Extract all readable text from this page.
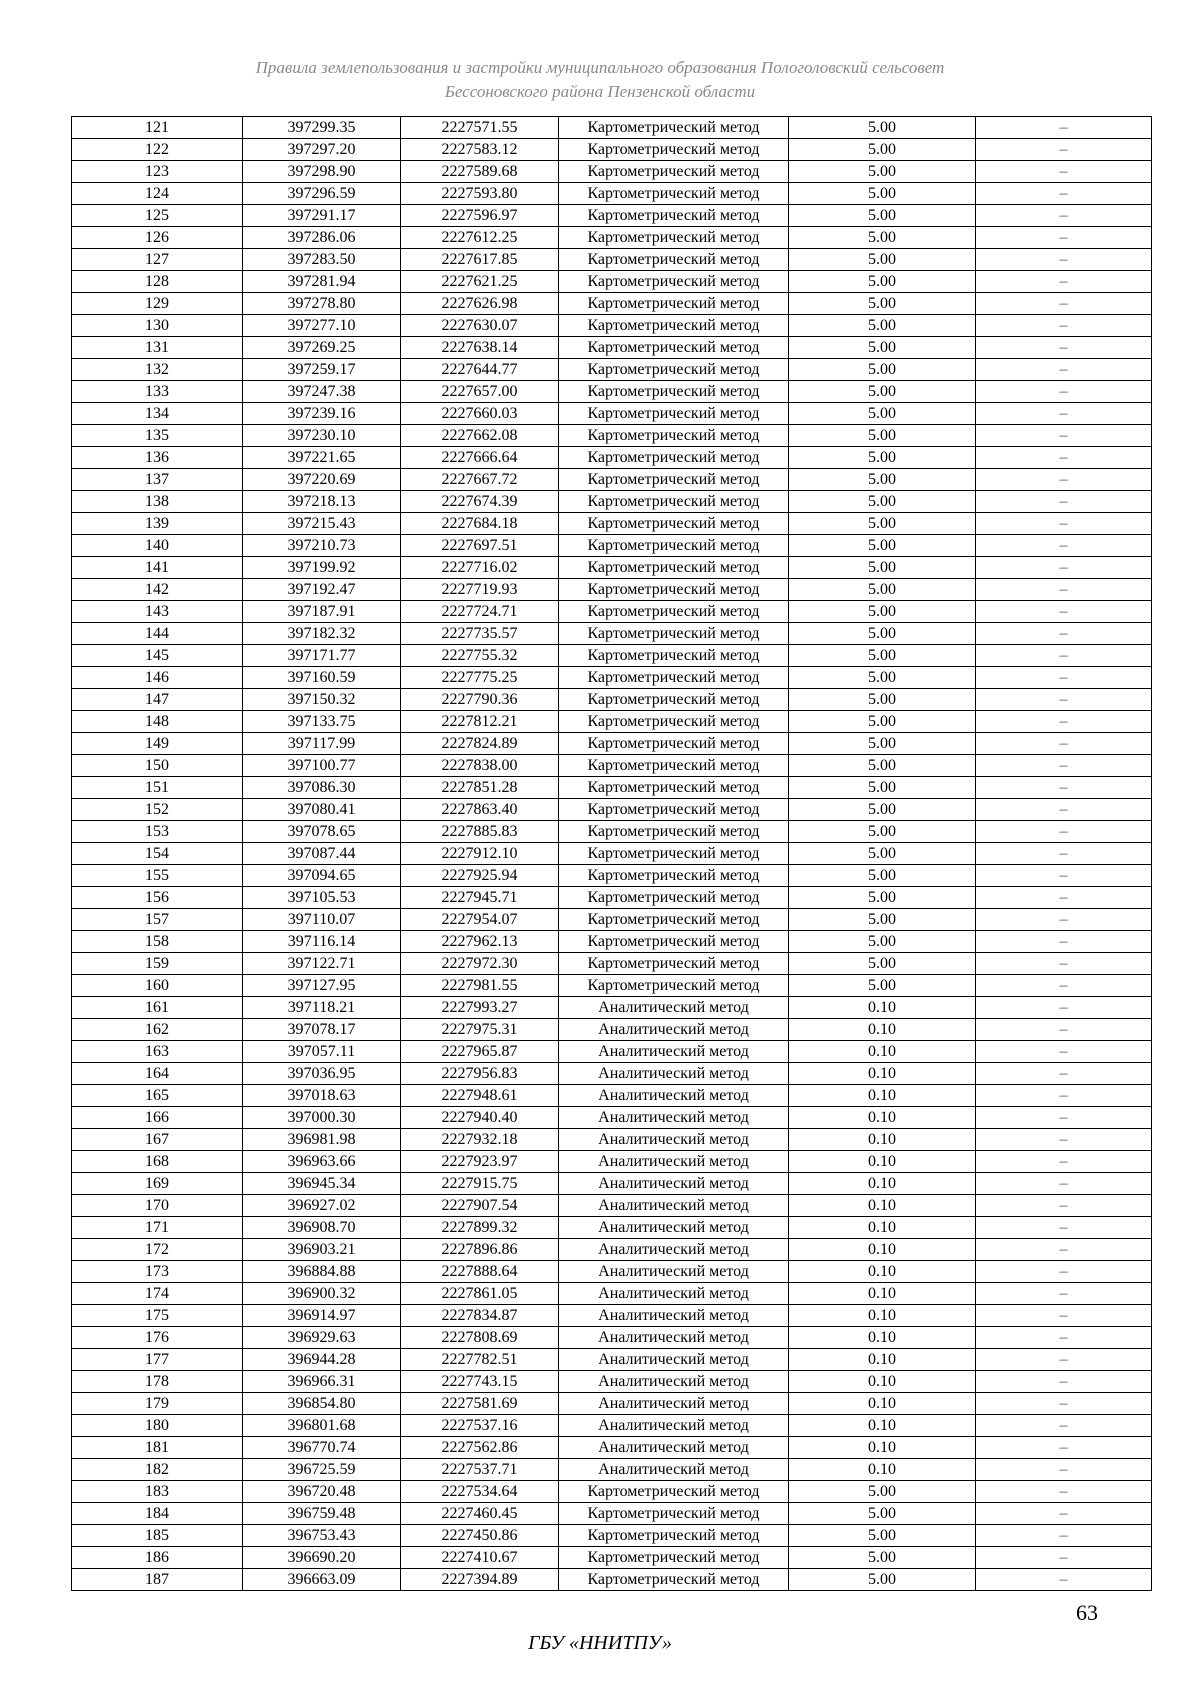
Правила землепользования и застройки муниципального образования Пологоловский сельсовет
Бессоновского района Пензенской области
121	397299.35	2227571.55	Картометрический метод	5.00	–
122	397297.20	2227583.12	Картометрический метод	5.00	–
123	397298.90	2227589.68	Картометрический метод	5.00	–
124	397296.59	2227593.80	Картометрический метод	5.00	–
125	397291.17	2227596.97	Картометрический метод	5.00	–
126	397286.06	2227612.25	Картометрический метод	5.00	–
127	397283.50	2227617.85	Картометрический метод	5.00	–
128	397281.94	2227621.25	Картометрический метод	5.00	–
129	397278.80	2227626.98	Картометрический метод	5.00	–
130	397277.10	2227630.07	Картометрический метод	5.00	–
131	397269.25	2227638.14	Картометрический метод	5.00	–
132	397259.17	2227644.77	Картометрический метод	5.00	–
133	397247.38	2227657.00	Картометрический метод	5.00	–
134	397239.16	2227660.03	Картометрический метод	5.00	–
135	397230.10	2227662.08	Картометрический метод	5.00	–
136	397221.65	2227666.64	Картометрический метод	5.00	–
137	397220.69	2227667.72	Картометрический метод	5.00	–
138	397218.13	2227674.39	Картометрический метод	5.00	–
139	397215.43	2227684.18	Картометрический метод	5.00	–
140	397210.73	2227697.51	Картометрический метод	5.00	–
141	397199.92	2227716.02	Картометрический метод	5.00	–
142	397192.47	2227719.93	Картометрический метод	5.00	–
143	397187.91	2227724.71	Картометрический метод	5.00	–
144	397182.32	2227735.57	Картометрический метод	5.00	–
145	397171.77	2227755.32	Картометрический метод	5.00	–
146	397160.59	2227775.25	Картометрический метод	5.00	–
147	397150.32	2227790.36	Картометрический метод	5.00	–
148	397133.75	2227812.21	Картометрический метод	5.00	–
149	397117.99	2227824.89	Картометрический метод	5.00	–
150	397100.77	2227838.00	Картометрический метод	5.00	–
151	397086.30	2227851.28	Картометрический метод	5.00	–
152	397080.41	2227863.40	Картометрический метод	5.00	–
153	397078.65	2227885.83	Картометрический метод	5.00	–
154	397087.44	2227912.10	Картометрический метод	5.00	–
155	397094.65	2227925.94	Картометрический метод	5.00	–
156	397105.53	2227945.71	Картометрический метод	5.00	–
157	397110.07	2227954.07	Картометрический метод	5.00	–
158	397116.14	2227962.13	Картометрический метод	5.00	–
159	397122.71	2227972.30	Картометрический метод	5.00	–
160	397127.95	2227981.55	Картометрический метод	5.00	–
161	397118.21	2227993.27	Аналитический метод	0.10	–
162	397078.17	2227975.31	Аналитический метод	0.10	–
163	397057.11	2227965.87	Аналитический метод	0.10	–
164	397036.95	2227956.83	Аналитический метод	0.10	–
165	397018.63	2227948.61	Аналитический метод	0.10	–
166	397000.30	2227940.40	Аналитический метод	0.10	–
167	396981.98	2227932.18	Аналитический метод	0.10	–
168	396963.66	2227923.97	Аналитический метод	0.10	–
169	396945.34	2227915.75	Аналитический метод	0.10	–
170	396927.02	2227907.54	Аналитический метод	0.10	–
171	396908.70	2227899.32	Аналитический метод	0.10	–
172	396903.21	2227896.86	Аналитический метод	0.10	–
173	396884.88	2227888.64	Аналитический метод	0.10	–
174	396900.32	2227861.05	Аналитический метод	0.10	–
175	396914.97	2227834.87	Аналитический метод	0.10	–
176	396929.63	2227808.69	Аналитический метод	0.10	–
177	396944.28	2227782.51	Аналитический метод	0.10	–
178	396966.31	2227743.15	Аналитический метод	0.10	–
179	396854.80	2227581.69	Аналитический метод	0.10	–
180	396801.68	2227537.16	Аналитический метод	0.10	–
181	396770.74	2227562.86	Аналитический метод	0.10	–
182	396725.59	2227537.71	Аналитический метод	0.10	–
183	396720.48	2227534.64	Картометрический метод	5.00	–
184	396759.48	2227460.45	Картометрический метод	5.00	–
185	396753.43	2227450.86	Картометрический метод	5.00	–
186	396690.20	2227410.67	Картометрический метод	5.00	–
187	396663.09	2227394.89	Картометрический метод	5.00	–
63
ГБУ «ННИТПУ»
